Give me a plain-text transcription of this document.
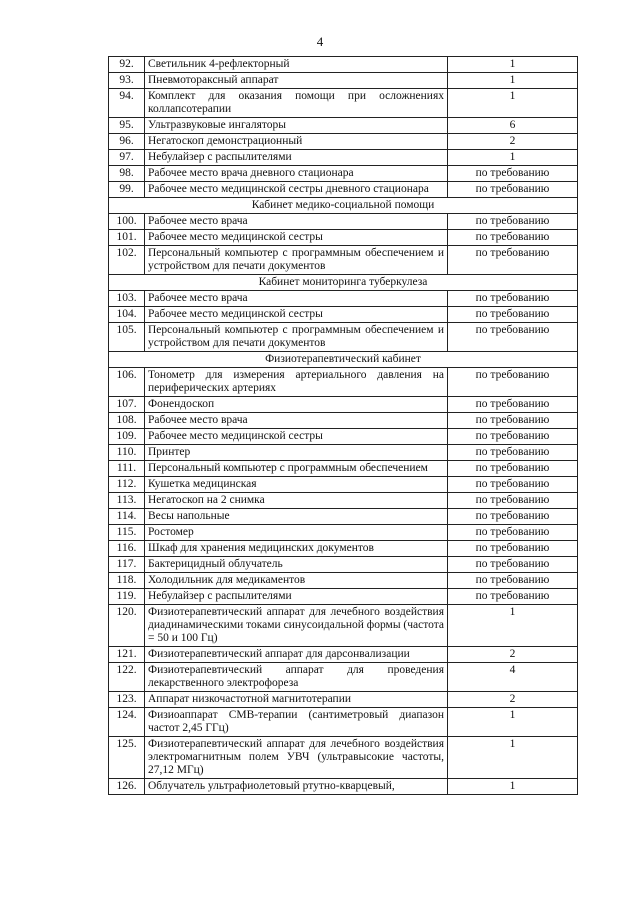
4
92.	Светильник 4-рефлекторный	1
93.	Пневмотораксный аппарат	1
94.	Комплект для оказания помощи при осложнениях коллапсотерапии	1
95.	Ультразвуковые ингаляторы	6
96.	Негатоскоп демонстрационный	2
97.	Небулайзер с распылителями	1
98.	Рабочее место врача дневного стационара	по требованию
99.	Рабочее место медицинской сестры дневного стационара	по требованию
Кабинет медико-социальной помощи		
100.	Рабочее место врача	по требованию
101.	Рабочее место медицинской сестры	по требованию
102.	Персональный компьютер с программным обеспечением и устройством для печати документов	по требованию
Кабинет мониторинга туберкулеза		
103.	Рабочее место врача	по требованию
104.	Рабочее место медицинской сестры	по требованию
105.	Персональный компьютер с программным обеспечением и устройством для печати документов	по требованию
Физиотерапевтический кабинет		
106.	Тонометр для измерения артериального давления на периферических артериях	по требованию
107.	Фонендоскоп	по требованию
108.	Рабочее место врача	по требованию
109.	Рабочее место медицинской сестры	по требованию
110.	Принтер	по требованию
111.	Персональный компьютер с программным обеспечением	по требованию
112.	Кушетка медицинская	по требованию
113.	Негатоскоп на 2 снимка	по требованию
114.	Весы напольные	по требованию
115.	Ростомер	по требованию
116.	Шкаф для хранения медицинских документов	по требованию
117.	Бактерицидный облучатель	по требованию
118.	Холодильник для медикаментов	по требованию
119.	Небулайзер с распылителями	по требованию
120.	Физиотерапевтический аппарат для лечебного воздействия диадинамическими токами синусоидальной формы (частота = 50 и 100 Гц)	1
121.	Физиотерапевтический аппарат для дарсонвализации	2
122.	Физиотерапевтический аппарат для проведения лекарственного электрофореза	4
123.	Аппарат низкочастотной магнитотерапии	2
124.	Физиоаппарат СМВ-терапии (сантиметровый диапазон частот 2,45 ГГц)	1
125.	Физиотерапевтический аппарат для лечебного воздействия электромагнитным полем УВЧ (ультравысокие частоты, 27,12 МГц)	1
126.	Облучатель ультрафиолетовый ртутно-кварцевый,	1
